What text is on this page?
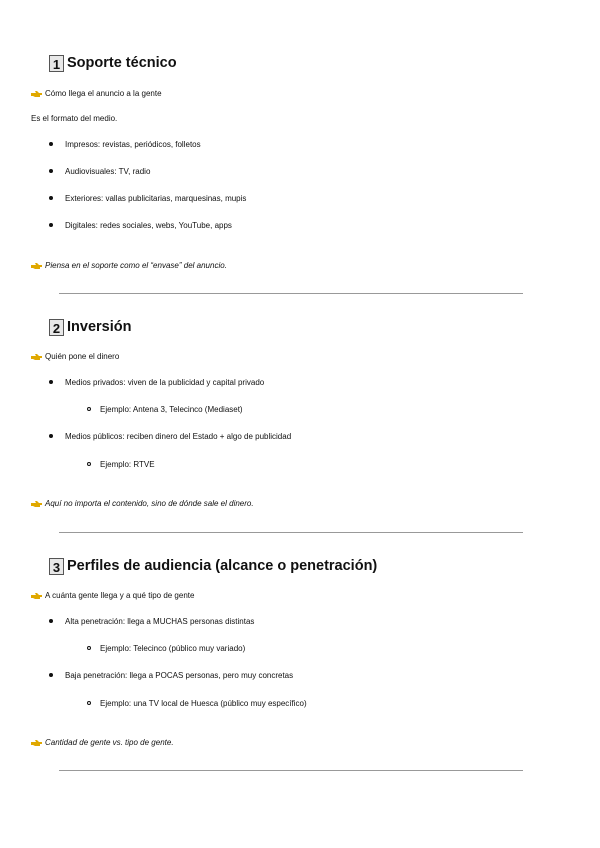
1 Soporte técnico
Cómo llega el anuncio a la gente
Es el formato del medio.
Impresos: revistas, periódicos, folletos
Audiovisuales: TV, radio
Exteriores: vallas publicitarias, marquesinas, mupis
Digitales: redes sociales, webs, YouTube, apps
Piensa en el soporte como el “envase” del anuncio.
2 Inversión
Quién pone el dinero
Medios privados: viven de la publicidad y capital privado
Ejemplo: Antena 3, Telecinco (Mediaset)
Medios públicos: reciben dinero del Estado + algo de publicidad
Ejemplo: RTVE
Aquí no importa el contenido, sino de dónde sale el dinero.
3 Perfiles de audiencia (alcance o penetración)
A cuánta gente llega y a qué tipo de gente
Alta penetración: llega a MUCHAS personas distintas
Ejemplo: Telecinco (público muy variado)
Baja penetración: llega a POCAS personas, pero muy concretas
Ejemplo: una TV local de Huesca (público muy específico)
Cantidad de gente vs. tipo de gente.
